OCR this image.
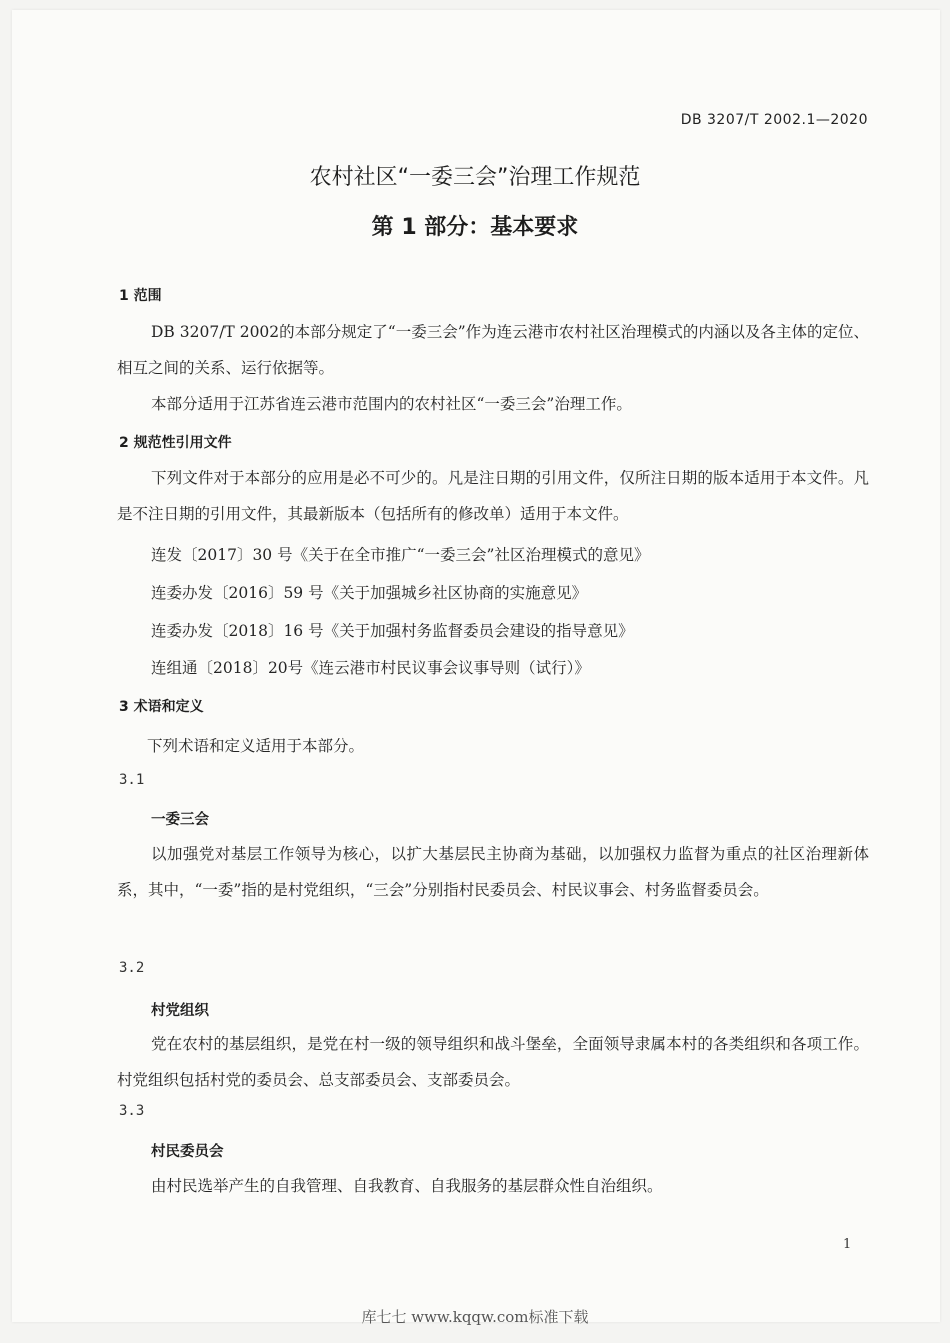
DB 3207/T 2002.1—2020
农村社区“一委三会”治理工作规范
第 1 部分：基本要求
1 范围
DB 3207/T 2002的本部分规定了“一委三会”作为连云港市农村社区治理模式的内涵以及各主体的定位、相互之间的关系、运行依据等。
本部分适用于江苏省连云港市范围内的农村社区“一委三会”治理工作。
2 规范性引用文件
下列文件对于本部分的应用是必不可少的。凡是注日期的引用文件，仅所注日期的版本适用于本文件。凡是不注日期的引用文件，其最新版本（包括所有的修改单）适用于本文件。
连发〔2017〕30 号《关于在全市推广“一委三会”社区治理模式的意见》
连委办发〔2016〕59 号《关于加强城乡社区协商的实施意见》
连委办发〔2018〕16 号《关于加强村务监督委员会建设的指导意见》
连组通〔2018〕20号《连云港市村民议事会议事导则（试行）》
3 术语和定义
下列术语和定义适用于本部分。
3.1
一委三会
以加强党对基层工作领导为核心，以扩大基层民主协商为基础，以加强权力监督为重点的社区治理新体系，其中，“一委”指的是村党组织，“三会”分别指村民委员会、村民议事会、村务监督委员会。
3.2
村党组织
党在农村的基层组织，是党在村一级的领导组织和战斗堡垒，全面领导隶属本村的各类组织和各项工作。村党组织包括村党的委员会、总支部委员会、支部委员会。
3.3
村民委员会
由村民选举产生的自我管理、自我教育、自我服务的基层群众性自治组织。
1
库七七 www.kqqw.com标准下载
